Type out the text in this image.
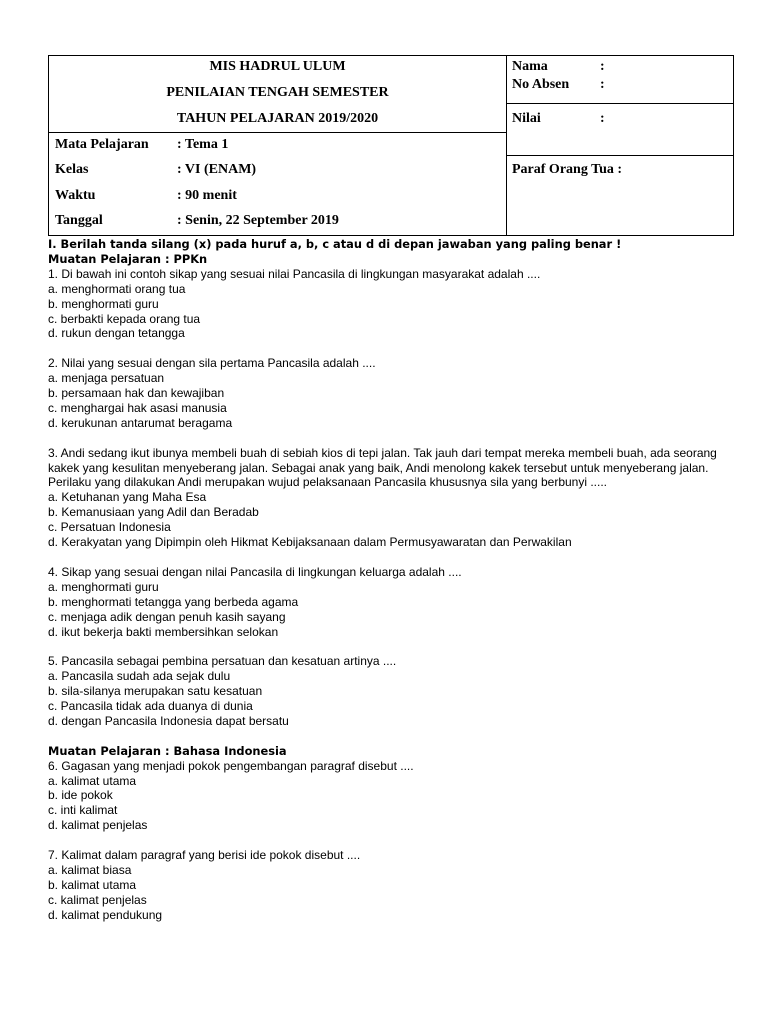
MIS HADRUL ULUM
PENILAIAN TENGAH SEMESTER
TAHUN PELAJARAN 2019/2020
Mata Pelajaran : Tema 1
Kelas	: VI (ENAM)
Waktu	: 90 menit
Tanggal	: Senin, 22 September 2019
Nama	:
No Absen :
Nilai	:
Paraf Orang Tua :
I. Berilah tanda silang (x) pada huruf a, b, c atau d di depan jawaban yang paling benar !
Muatan Pelajaran : PPKn
1. Di bawah ini contoh sikap yang sesuai nilai Pancasila di lingkungan masyarakat adalah ....
a. menghormati orang tua
b. menghormati guru
c. berbakti kepada orang tua
d. rukun dengan tetangga
2. Nilai yang sesuai dengan sila pertama Pancasila adalah ....
a. menjaga persatuan
b. persamaan hak dan kewajiban
c. menghargai hak asasi manusia
d. kerukunan antarumat beragama
3. Andi sedang ikut ibunya membeli buah di sebiah kios di tepi jalan. Tak jauh dari tempat mereka membeli buah, ada seorang kakek yang kesulitan menyeberang jalan. Sebagai anak yang baik, Andi menolong kakek tersebut untuk menyeberang jalan. Perilaku yang dilakukan Andi merupakan wujud pelaksanaan Pancasila khususnya sila yang berbunyi .....
a. Ketuhanan yang Maha Esa
b. Kemanusiaan yang Adil dan Beradab
c. Persatuan Indonesia
d. Kerakyatan yang Dipimpin oleh Hikmat Kebijaksanaan dalam Permusyawaratan dan Perwakilan
4. Sikap yang sesuai dengan nilai Pancasila di lingkungan keluarga adalah ....
a. menghormati guru
b. menghormati tetangga yang berbeda agama
c. menjaga adik dengan penuh kasih sayang
d. ikut bekerja bakti membersihkan selokan
5. Pancasila sebagai pembina persatuan dan kesatuan artinya ....
a. Pancasila sudah ada sejak dulu
b. sila-silanya merupakan satu kesatuan
c. Pancasila tidak ada duanya di dunia
d. dengan Pancasila Indonesia dapat bersatu
Muatan Pelajaran : Bahasa Indonesia
6. Gagasan yang menjadi pokok pengembangan paragraf disebut ....
a. kalimat utama
b. ide pokok
c. inti kalimat
d. kalimat penjelas
7. Kalimat dalam paragraf yang berisi ide pokok disebut ....
a. kalimat biasa
b. kalimat utama
c. kalimat penjelas
d. kalimat pendukung
